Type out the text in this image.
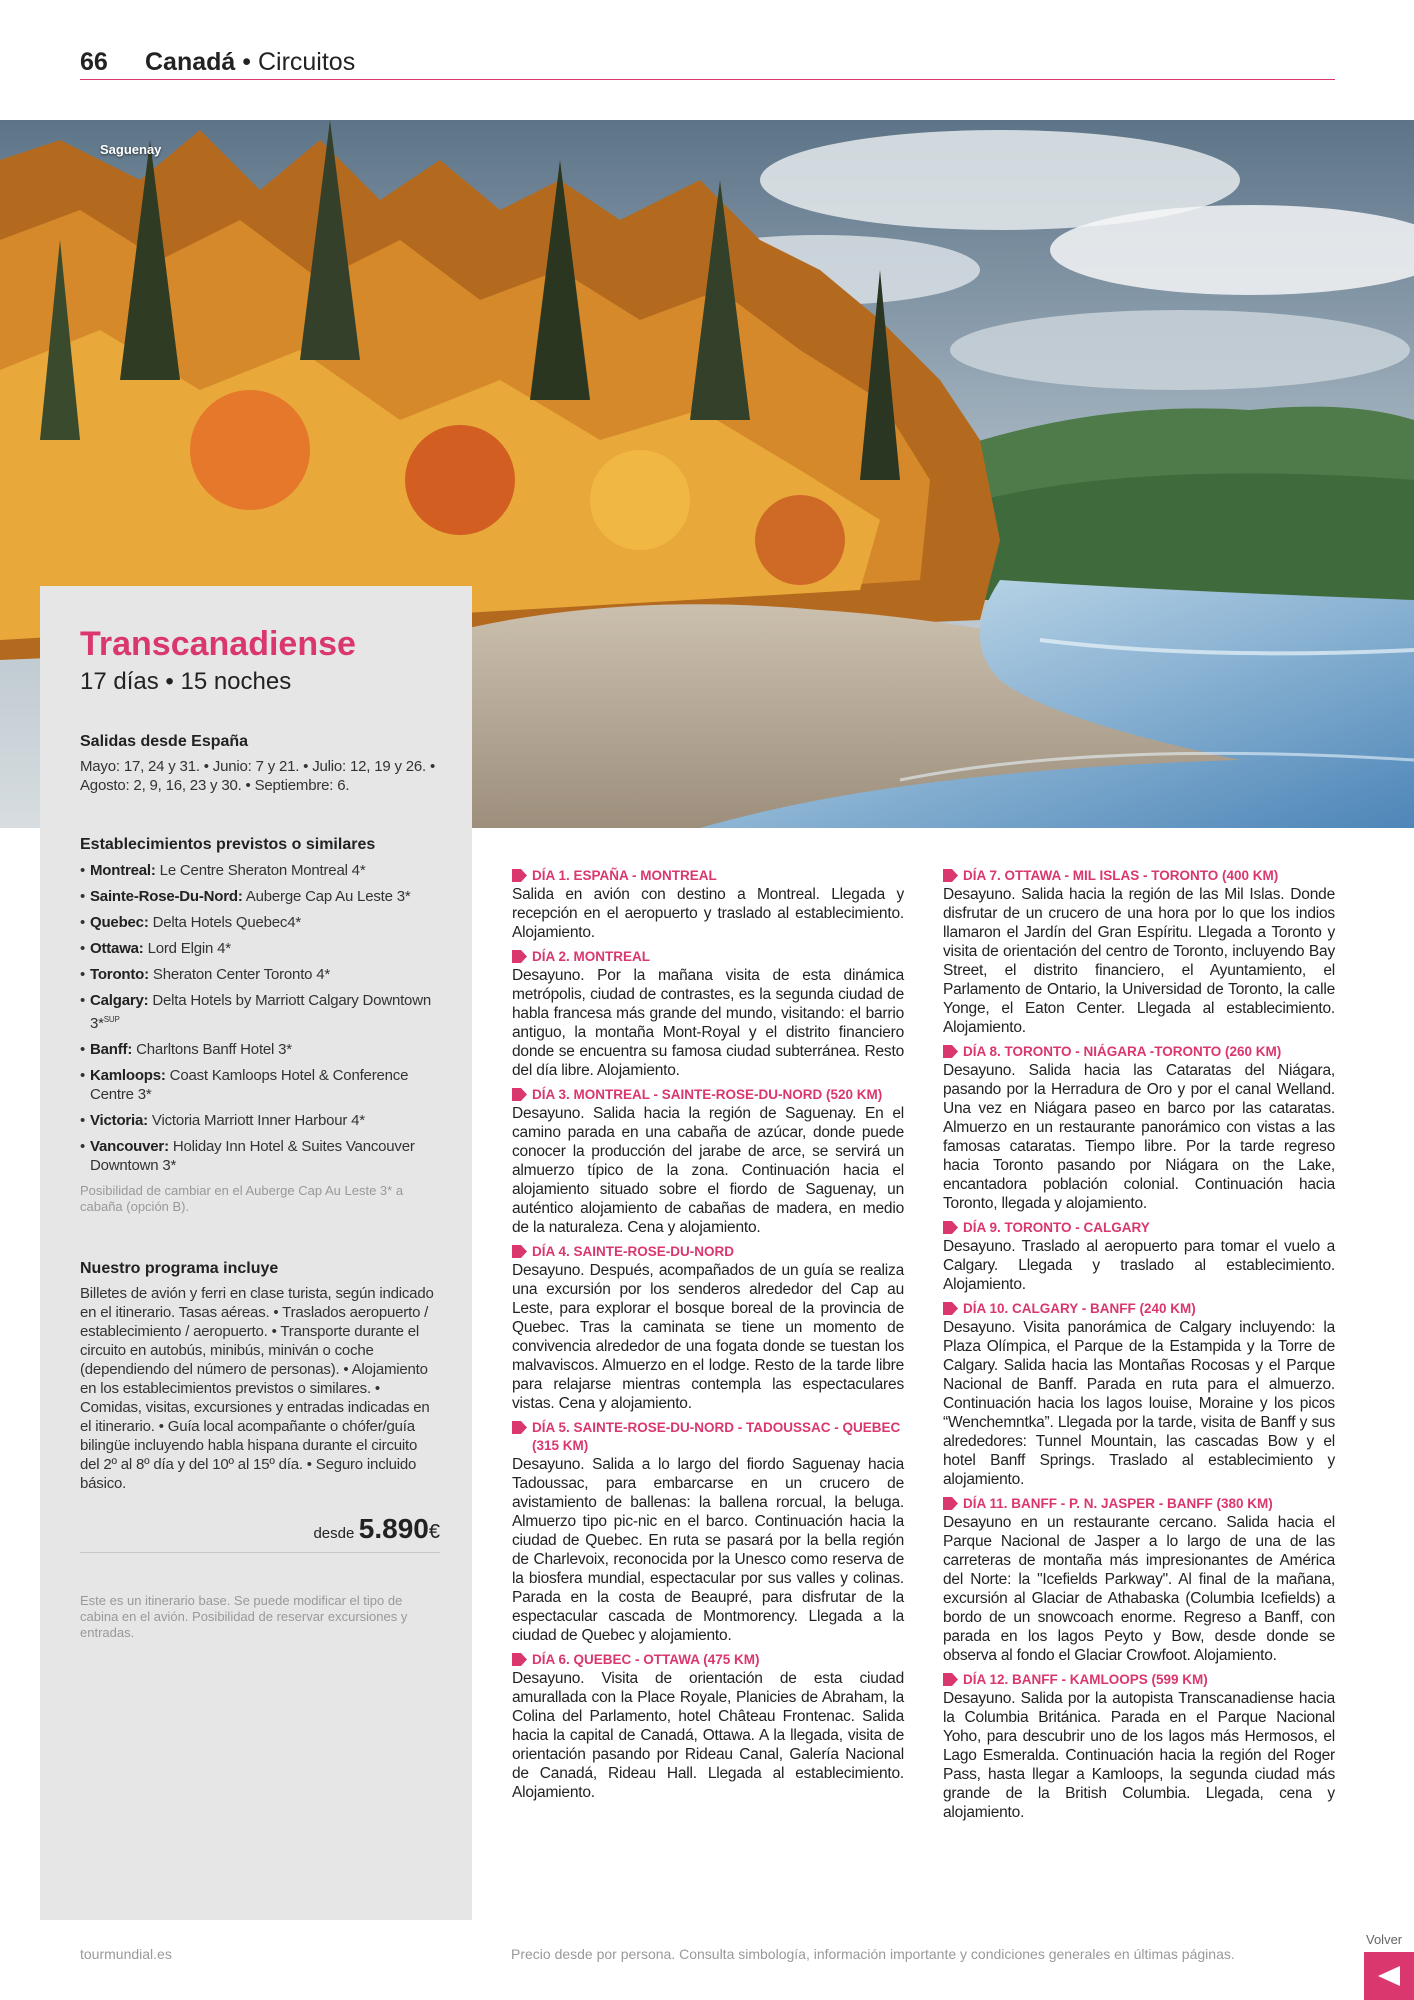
66 Canadá • Circuitos
Saguenay
Transcanadiense
17 días • 15 noches
Salidas desde España
Mayo: 17, 24 y 31. • Junio: 7 y 21. • Julio: 12, 19 y 26. • Agosto: 2, 9, 16, 23 y 30. • Septiembre: 6.
Establecimientos previstos o similares
• Montreal: Le Centre Sheraton Montreal 4*
• Sainte-Rose-Du-Nord: Auberge Cap Au Leste 3*
• Quebec: Delta Hotels Quebec4*
• Ottawa: Lord Elgin 4*
• Toronto: Sheraton Center Toronto 4*
• Calgary: Delta Hotels by Marriott Calgary Downtown 3*$^{SUP}$
• Banff: Charltons Banff Hotel 3*
• Kamloops: Coast Kamloops Hotel & Conference Centre 3*
• Victoria: Victoria Marriott Inner Harbour 4*
• Vancouver: Holiday Inn Hotel & Suites Vancouver Downtown 3*
Posibilidad de cambiar en el Auberge Cap Au Leste 3* a cabaña (opción B).
Nuestro programa incluye
Billetes de avión y ferri en clase turista, según indicado en el itinerario. Tasas aéreas. • Traslados aeropuerto / establecimiento / aeropuerto. • Transporte durante el circuito en autobús, minibús, miniván o coche (dependiendo del número de personas). • Alojamiento en los establecimientos previstos o similares. • Comidas, visitas, excursiones y entradas indicadas en el itinerario. • Guía local acompañante o chófer/guía bilingüe incluyendo habla hispana durante el circuito del 2º al 8º día y del 10º al 15º día. • Seguro incluido básico.
desde 5.890€
Este es un itinerario base. Se puede modificar el tipo de cabina en el avión. Posibilidad de reservar excursiones y entradas.
DÍA 1. ESPAÑA - MONTREAL
Salida en avión con destino a Montreal. Llegada y recepción en el aeropuerto y traslado al establecimiento. Alojamiento.
DÍA 2. MONTREAL
Desayuno. Por la mañana visita de esta dinámica metrópolis, ciudad de contrastes, es la segunda ciudad de habla francesa más grande del mundo, visitando: el barrio antiguo, la montaña Mont-Royal y el distrito financiero donde se encuentra su famosa ciudad subterránea. Resto del día libre. Alojamiento.
DÍA 3. MONTREAL - SAINTE-ROSE-DU-NORD (520 KM)
Desayuno. Salida hacia la región de Saguenay. En el camino parada en una cabaña de azúcar, donde puede conocer la producción del jarabe de arce, se servirá un almuerzo típico de la zona. Continuación hacia el alojamiento situado sobre el fiordo de Saguenay, un auténtico alojamiento de cabañas de madera, en medio de la naturaleza. Cena y alojamiento.
DÍA 4. SAINTE-ROSE-DU-NORD
Desayuno. Después, acompañados de un guía se realiza una excursión por los senderos alrededor del Cap au Leste, para explorar el bosque boreal de la provincia de Quebec. Tras la caminata se tiene un momento de convivencia alrededor de una fogata donde se tuestan los malvaviscos. Almuerzo en el lodge. Resto de la tarde libre para relajarse mientras contempla las espectaculares vistas. Cena y alojamiento.
DÍA 5. SAINTE-ROSE-DU-NORD - TADOUSSAC - QUEBEC (315 KM)
Desayuno. Salida a lo largo del fiordo Saguenay hacia Tadoussac, para embarcarse en un crucero de avistamiento de ballenas: la ballena rorcual, la beluga. Almuerzo tipo pic-nic en el barco. Continuación hacia la ciudad de Quebec. En ruta se pasará por la bella región de Charlevoix, reconocida por la Unesco como reserva de la biosfera mundial, espectacular por sus valles y colinas. Parada en la costa de Beaupré, para disfrutar de la espectacular cascada de Montmorency. Llegada a la ciudad de Quebec y alojamiento.
DÍA 6. QUEBEC - OTTAWA (475 KM)
Desayuno. Visita de orientación de esta ciudad amurallada con la Place Royale, Planicies de Abraham, la Colina del Parlamento, hotel Château Frontenac. Salida hacia la capital de Canadá, Ottawa. A la llegada, visita de orientación pasando por Rideau Canal, Galería Nacional de Canadá, Rideau Hall. Llegada al establecimiento. Alojamiento.
DÍA 7. OTTAWA - MIL ISLAS - TORONTO (400 KM)
Desayuno. Salida hacia la región de las Mil Islas. Donde disfrutar de un crucero de una hora por lo que los indios llamaron el Jardín del Gran Espíritu. Llegada a Toronto y visita de orientación del centro de Toronto, incluyendo Bay Street, el distrito financiero, el Ayuntamiento, el Parlamento de Ontario, la Universidad de Toronto, la calle Yonge, el Eaton Center. Llegada al establecimiento. Alojamiento.
DÍA 8. TORONTO - NIÁGARA -TORONTO (260 KM)
Desayuno. Salida hacia las Cataratas del Niágara, pasando por la Herradura de Oro y por el canal Welland. Una vez en Niágara paseo en barco por las cataratas. Almuerzo en un restaurante panorámico con vistas a las famosas cataratas. Tiempo libre. Por la tarde regreso hacia Toronto pasando por Niágara on the Lake, encantadora población colonial. Continuación hacia Toronto, llegada y alojamiento.
DÍA 9. TORONTO - CALGARY
Desayuno. Traslado al aeropuerto para tomar el vuelo a Calgary. Llegada y traslado al establecimiento. Alojamiento.
DÍA 10. CALGARY - BANFF (240 KM)
Desayuno. Visita panorámica de Calgary incluyendo: la Plaza Olímpica, el Parque de la Estampida y la Torre de Calgary. Salida hacia las Montañas Rocosas y el Parque Nacional de Banff. Parada en ruta para el almuerzo. Continuación hacia los lagos louise, Moraine y los picos “Wenchemntka”. Llegada por la tarde, visita de Banff y sus alrededores: Tunnel Mountain, las cascadas Bow y el hotel Banff Springs. Traslado al establecimiento y alojamiento.
DÍA 11. BANFF - P. N. JASPER - BANFF (380 KM)
Desayuno en un restaurante cercano. Salida hacia el Parque Nacional de Jasper a lo largo de una de las carreteras de montaña más impresionantes de América del Norte: la "Icefields Parkway". Al final de la mañana, excursión al Glaciar de Athabaska (Columbia Icefields) a bordo de un snowcoach enorme. Regreso a Banff, con parada en los lagos Peyto y Bow, desde donde se observa al fondo el Glaciar Crowfoot. Alojamiento.
DÍA 12. BANFF - KAMLOOPS (599 KM)
Desayuno. Salida por la autopista Transcanadiense hacia la Columbia Británica. Parada en el Parque Nacional Yoho, para descubrir uno de los lagos más Hermosos, el Lago Esmeralda. Continuación hacia la región del Roger Pass, hasta llegar a Kamloops, la segunda ciudad más grande de la British Columbia. Llegada, cena y alojamiento.
tourmundial.es	Precio desde por persona. Consulta simbología, información importante y condiciones generales en últimas páginas.
Volver
